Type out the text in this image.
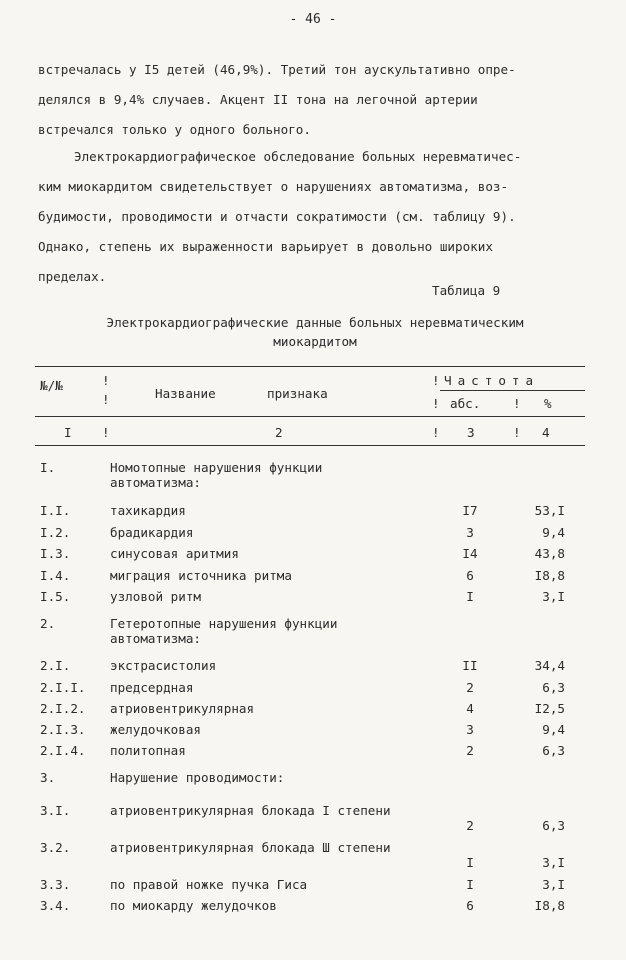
- 46 -
встречалась у I5 детей (46,9%). Третий тон аускультативно опре-
делялся в 9,4% случаев. Акцент II тона на легочной артерии
встречался только у одного больного.
Электрокардиографическое обследование больных неревматичес-
ким миокардитом свидетельствует о нарушениях автоматизма, воз-
будимости, проводимости и отчасти сократимости (см. таблицу 9).
Однако, степень их выраженности варьирует в довольно широких
пределах.
Таблица 9
Электрокардиографические данные больных неревматическим
миокардитом
№/№	!
!	Название	признака
! Частота
! абс.	! %
I !	2	! 3	! 4
I.	Номотопные нарушения функции автоматизма:
I.I.	тахикардия	I7	53,I
I.2.	брадикардия	3	9,4
I.3.	синусовая аритмия	I4	43,8
I.4.	миграция источника ритма	6	I8,8
I.5.	узловой ритм	I	3,I
2.	Гетеротопные нарушения функции автоматизма:
2.I.	экстрасистолия	II	34,4
2.I.I. предсердная	2	6,3
2.I.2. атриовентрикулярная	4	I2,5
2.I.3. желудочковая	3	9,4
2.I.4. политопная	2	6,3
3.	Нарушение проводимости:
3.I.	атриовентрикулярная блокада I степени
2	6,3
3.2.	атриовентрикулярная блокада Ш степени
I	3,I
3.3.	по правой ножке пучка Гиса	I	3,I
3.4.	по миокарду желудочков	6	I8,8
